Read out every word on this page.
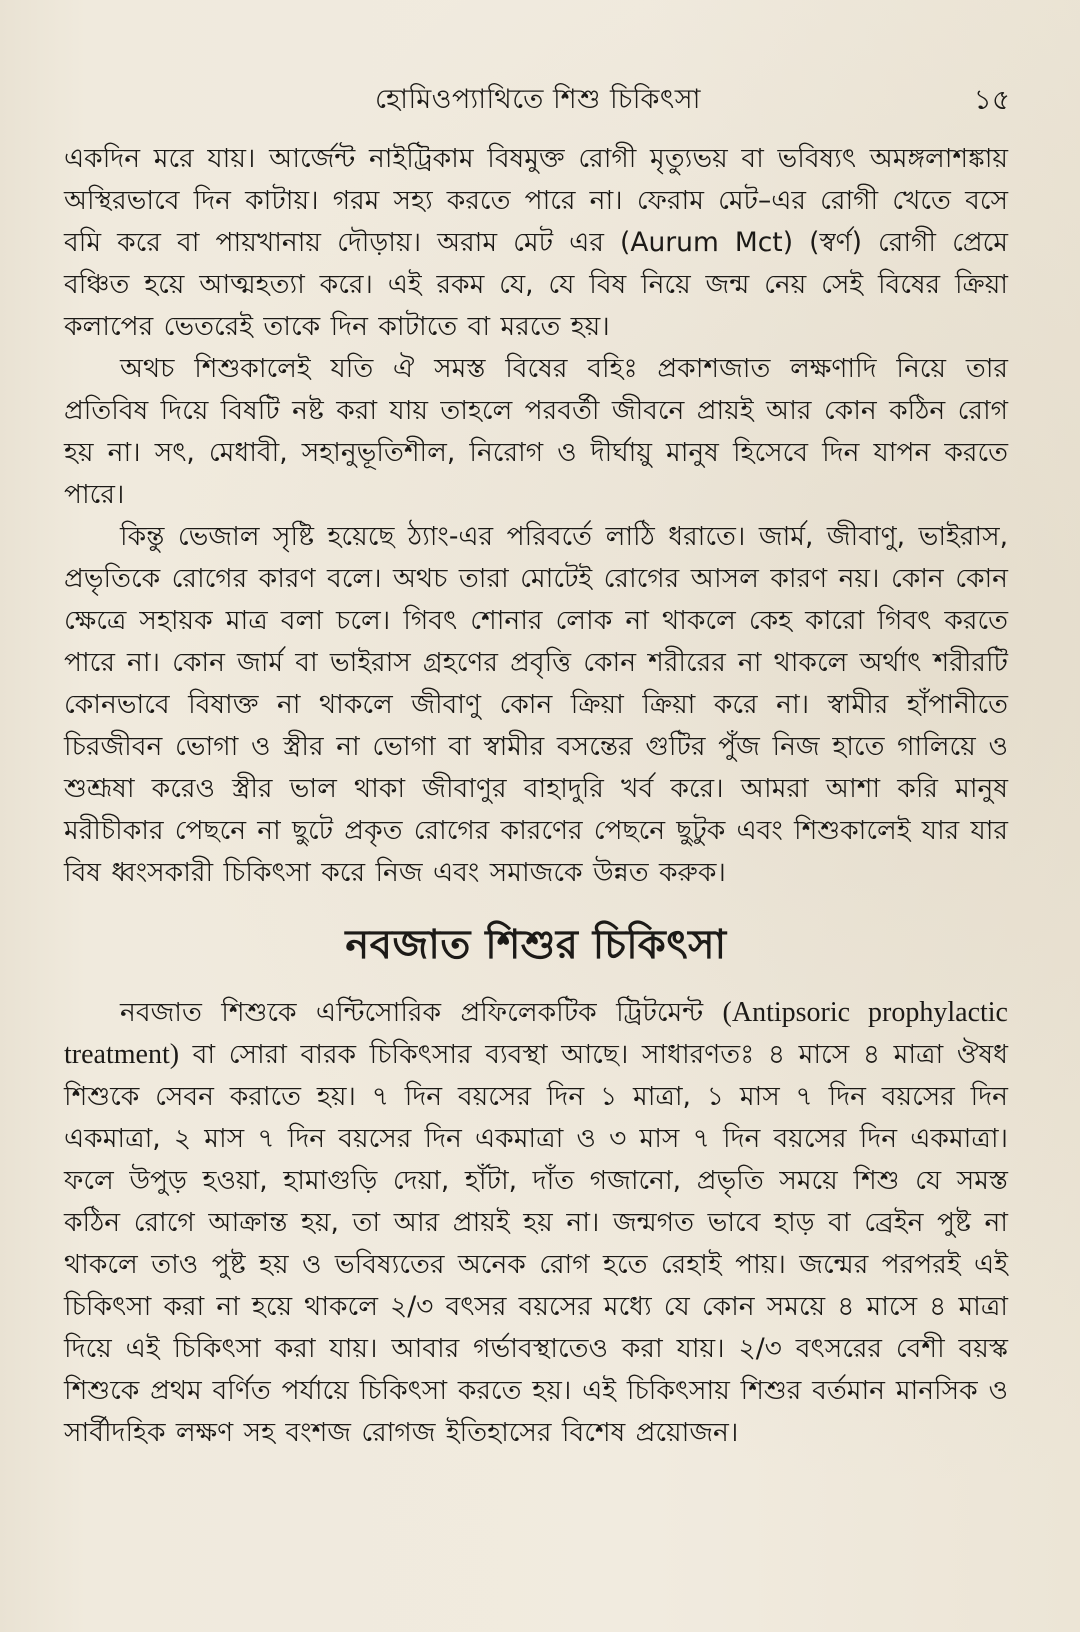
হোমিওপ্যাথিতে শিশু চিকিৎসা	১৫

একদিন মরে যায়। আর্জেন্ট নাইট্রিকাম বিষমুক্ত রোগী মৃত্যুভয় বা ভবিষ্যৎ অমঙ্গলাশঙ্কায় অস্থিরভাবে দিন কাটায়। গরম সহ্য করতে পারে না। ফেরাম মেট–এর রোগী খেতে বসে বমি করে বা পায়খানায় দৌড়ায়। অরাম মেট এর (Aurum Mct) (স্বর্ণ) রোগী প্রেমে বঞ্চিত হয়ে আত্মহত্যা করে। এই রকম যে, যে বিষ নিয়ে জন্ম নেয় সেই বিষের ক্রিয়া কলাপের ভেতরেই তাকে দিন কাটাতে বা মরতে হয়।

অথচ শিশুকালেই যতি ঐ সমস্ত বিষের বহিঃ প্রকাশজাত লক্ষণাদি নিয়ে তার প্রতিবিষ দিয়ে বিষটি নষ্ট করা যায় তাহলে পরবর্তী জীবনে প্রায়ই আর কোন কঠিন রোগ হয় না। সৎ, মেধাবী, সহানুভূতিশীল, নিরোগ ও দীর্ঘায়ু মানুষ হিসেবে দিন যাপন করতে পারে।

কিন্তু ভেজাল সৃষ্টি হয়েছে ঠ্যাং-এর পরিবর্তে লাঠি ধরাতে। জার্ম, জীবাণু, ভাইরাস, প্রভৃতিকে রোগের কারণ বলে। অথচ তারা মোটেই রোগের আসল কারণ নয়। কোন কোন ক্ষেত্রে সহায়ক মাত্র বলা চলে। গিবৎ শোনার লোক না থাকলে কেহ কারো গিবৎ করতে পারে না। কোন জার্ম বা ভাইরাস গ্রহণের প্রবৃত্তি কোন শরীরের না থাকলে অর্থাৎ শরীরটি কোনভাবে বিষাক্ত না থাকলে জীবাণু কোন ক্রিয়া ক্রিয়া করে না। স্বামীর হাঁপানীতে চিরজীবন ভোগা ও স্ত্রীর না ভোগা বা স্বামীর বসন্তের গুটির পুঁজ নিজ হাতে গালিয়ে ও শুশ্রূষা করেও স্ত্রীর ভাল থাকা জীবাণুর বাহাদুরি খর্ব করে। আমরা আশা করি মানুষ মরীচীকার পেছনে না ছুটে প্রকৃত রোগের কারণের পেছনে ছুটুক এবং শিশুকালেই যার যার বিষ ধ্বংসকারী চিকিৎসা করে নিজ এবং সমাজকে উন্নত করুক।

নবজাত শিশুর চিকিৎসা

নবজাত শিশুকে এন্টিসোরিক প্রফিলেকটিক ট্রিটমেন্ট (Antipsoric prophylactic treatment) বা সোরা বারক চিকিৎসার ব্যবস্থা আছে। সাধারণতঃ ৪ মাসে ৪ মাত্রা ঔষধ শিশুকে সেবন করাতে হয়। ৭ দিন বয়সের দিন ১ মাত্রা, ১ মাস ৭ দিন বয়সের দিন একমাত্রা, ২ মাস ৭ দিন বয়সের দিন একমাত্রা ও ৩ মাস ৭ দিন বয়সের দিন একমাত্রা। ফলে উপুড় হওয়া, হামাগুড়ি দেয়া, হাঁটা, দাঁত গজানো, প্রভৃতি সময়ে শিশু যে সমস্ত কঠিন রোগে আক্রান্ত হয়, তা আর প্রায়ই হয় না। জন্মগত ভাবে হাড় বা ব্রেইন পুষ্ট না থাকলে তাও পুষ্ট হয় ও ভবিষ্যতের অনেক রোগ হতে রেহাই পায়। জন্মের পরপরই এই চিকিৎসা করা না হয়ে থাকলে ২/৩ বৎসর বয়সের মধ্যে যে কোন সময়ে ৪ মাসে ৪ মাত্রা দিয়ে এই চিকিৎসা করা যায়। আবার গর্ভাবস্থাতেও করা যায়। ২/৩ বৎসরের বেশী বয়স্ক শিশুকে প্রথম বর্ণিত পর্যায়ে চিকিৎসা করতে হয়। এই চিকিৎসায় শিশুর বর্তমান মানসিক ও সার্বীদহিক লক্ষণ সহ বংশজ রোগজ ইতিহাসের বিশেষ প্রয়োজন।
